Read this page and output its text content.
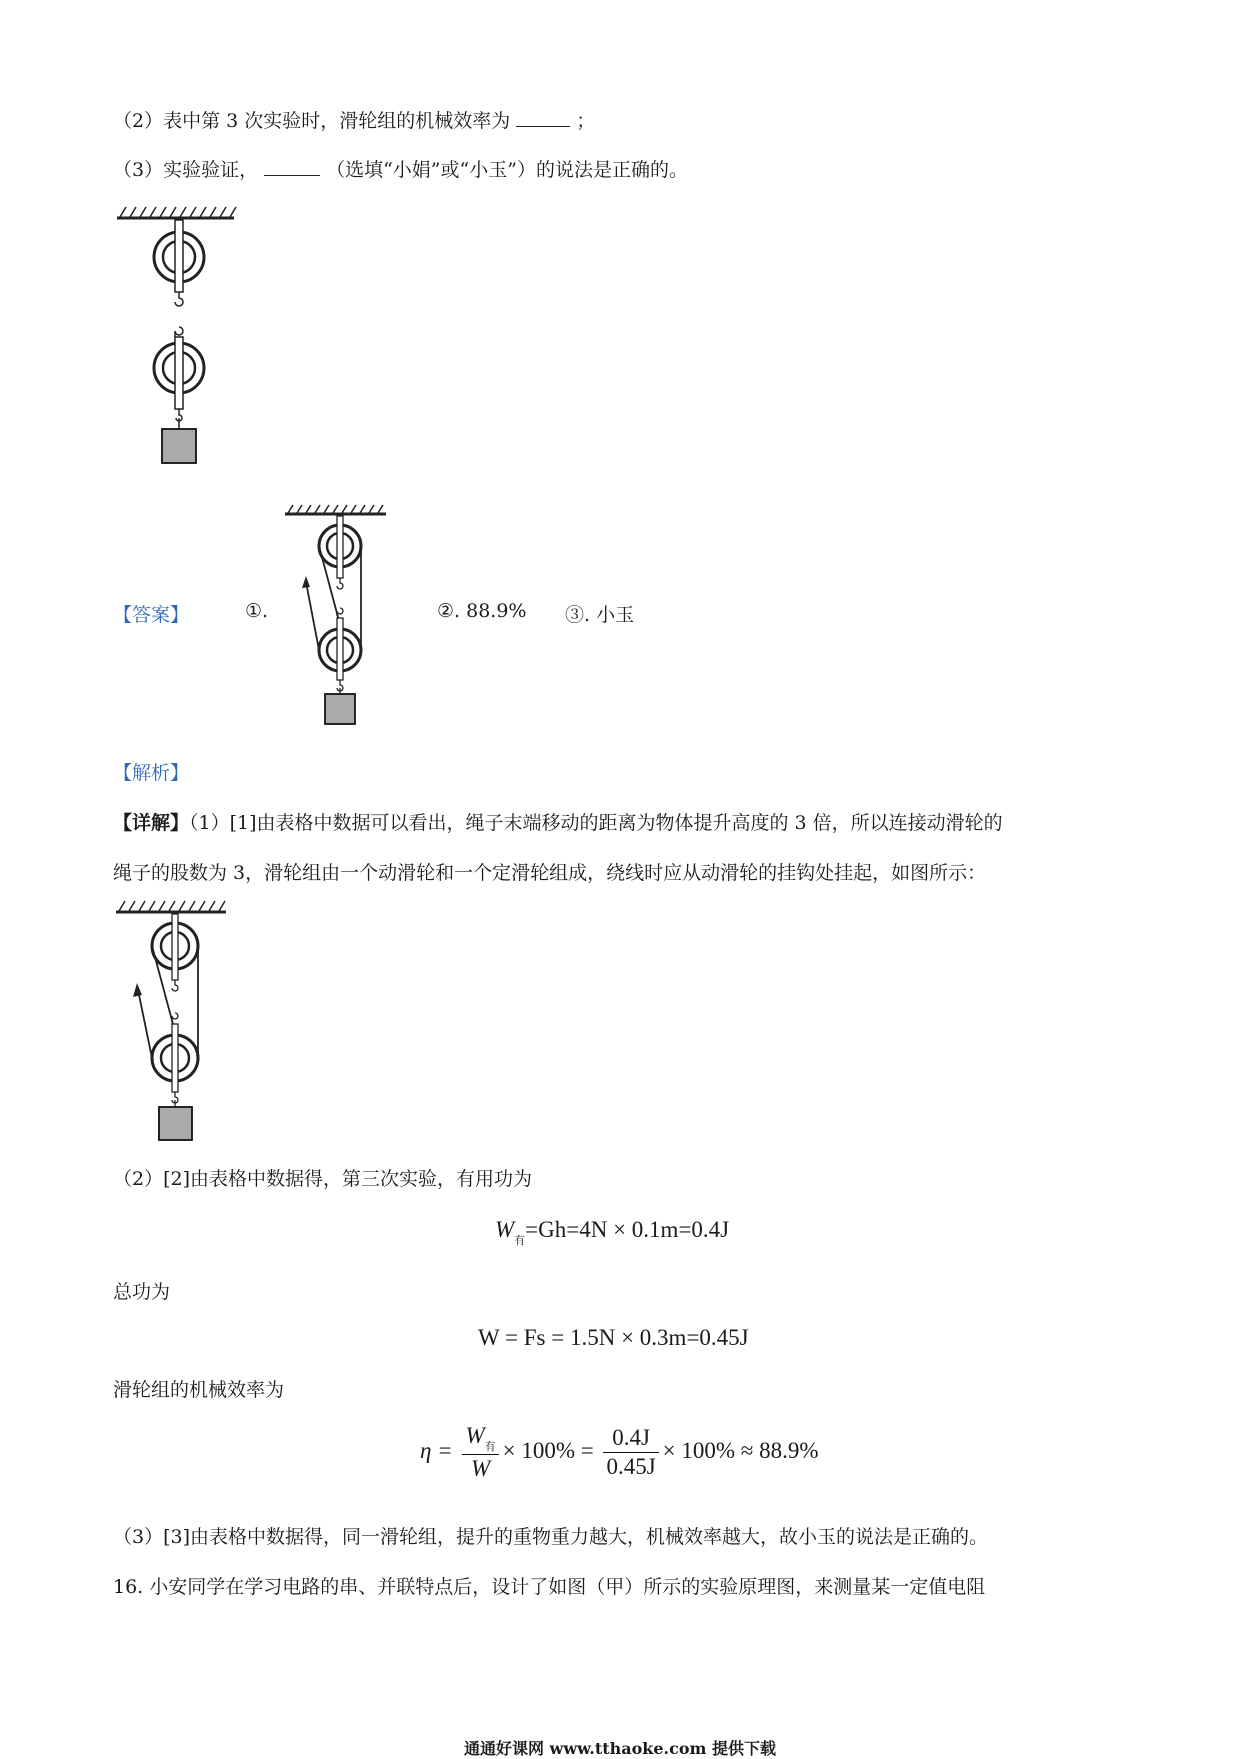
（2）表中第 3 次实验时，滑轮组的机械效率为	；
（3）实验验证，	（选填“小娟”或“小玉”）的说法是正确的。
【答案】	①.	②. 88.9% ③. 小玉
【解析】
【详解】（1）[1]由表格中数据可以看出，绳子末端移动的距离为物体提升高度的 3 倍，所以连接动滑轮的
绳子的股数为 3，滑轮组由一个动滑轮和一个定滑轮组成，绕线时应从动滑轮的挂钩处挂起，如图所示：
（2）[2]由表格中数据得，第三次实验，有用功为
$W_有=Gh=4N \times 0.1m=0.4J$
总功为
W = Fs = 1.5N × 0.3m=0.45J
滑轮组的机械效率为
$\eta = \frac{W_有}{W} \times 100\% = \frac{0.4J}{0.45J} \times 100\% \approx 88.9\%$
（3）[3]由表格中数据得，同一滑轮组，提升的重物重力越大，机械效率越大，故小玉的说法是正确的。
16. 小安同学在学习电路的串、并联特点后，设计了如图（甲）所示的实验原理图，来测量某一定值电阻
通通好课网 www.tthaoke.com 提供下载
